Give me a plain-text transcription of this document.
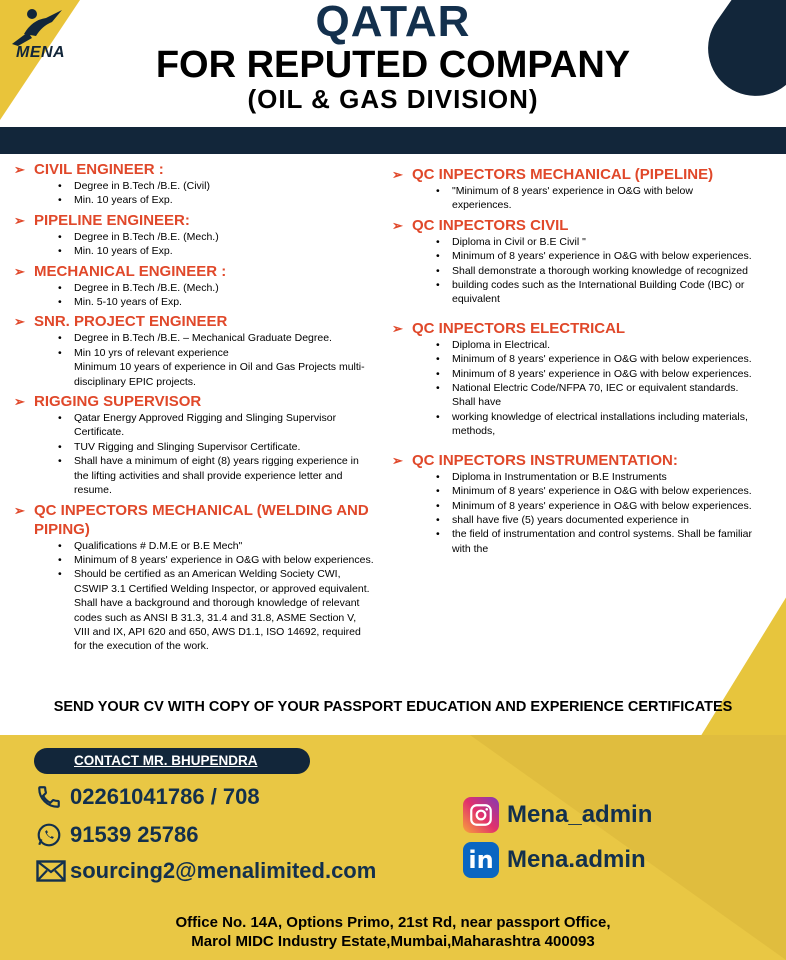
MENA
QATAR
FOR REPUTED COMPANY
(OIL & GAS DIVISION)
➢ CIVIL ENGINEER :
• Degree in B.Tech /B.E. (Civil)
• Min. 10 years of Exp.
➢ PIPELINE ENGINEER:
• Degree in B.Tech /B.E. (Mech.)
• Min. 10 years of Exp.
➢ MECHANICAL ENGINEER :
• Degree in B.Tech /B.E. (Mech.)
• Min. 5-10 years of Exp.
➢ SNR. PROJECT ENGINEER
• Degree in B.Tech /B.E. – Mechanical Graduate Degree.
• Min 10 yrs of relevant experience
Minimum 10 years of experience in Oil and Gas Projects multi-disciplinary EPIC projects.
➢ RIGGING SUPERVISOR
• Qatar Energy Approved Rigging and Slinging Supervisor Certificate.
• TUV Rigging and Slinging Supervisor Certificate.
• Shall have a minimum of eight (8) years rigging experience in the lifting activities and shall provide experience letter and resume.
➢ QC INPECTORS MECHANICAL (WELDING AND PIPING)
• Qualifications # D.M.E or B.E Mech"
• Minimum of 8 years' experience in O&G with below experiences.
• Should be certified as an American Welding Society CWI, CSWIP 3.1 Certified Welding Inspector, or approved equivalent. Shall have a background and thorough knowledge of relevant codes such as ANSI B 31.3, 31.4 and 31.8, ASME Section V, VIII and IX, API 620 and 650, AWS D1.1, ISO 14692, required for the execution of the work.
➢ QC INPECTORS MECHANICAL (PIPELINE)
• "Minimum of 8 years' experience in O&G with below experiences.
➢ QC INPECTORS CIVIL
• Diploma in Civil or B.E Civil "
• Minimum of 8 years' experience in O&G with below experiences.
• Shall demonstrate a thorough working knowledge of recognized
• building codes such as the International Building Code (IBC) or equivalent
➢ QC INPECTORS ELECTRICAL
• Diploma in Electrical.
• Minimum of 8 years' experience in O&G with below experiences.
• Minimum of 8 years' experience in O&G with below experiences.
• National Electric Code/NFPA 70, IEC or equivalent standards. Shall have
• working knowledge of electrical installations including materials, methods,
➢ QC INPECTORS INSTRUMENTATION:
• Diploma in Instrumentation or B.E Instruments
• Minimum of 8 years' experience in O&G with below experiences.
• Minimum of 8 years' experience in O&G with below experiences.
• shall have five (5) years documented experience in
• the field of instrumentation and control systems. Shall be familiar with the
SEND YOUR CV WITH COPY OF YOUR PASSPORT EDUCATION AND EXPERIENCE CERTIFICATES
CONTACT MR. BHUPENDRA
02261041786 / 708
91539 25786
sourcing2@menalimited.com
Mena_admin
in Mena.admin
Office No. 14A, Options Primo, 21st Rd, near passport Office,
Marol MIDC Industry Estate,Mumbai,Maharashtra 400093
